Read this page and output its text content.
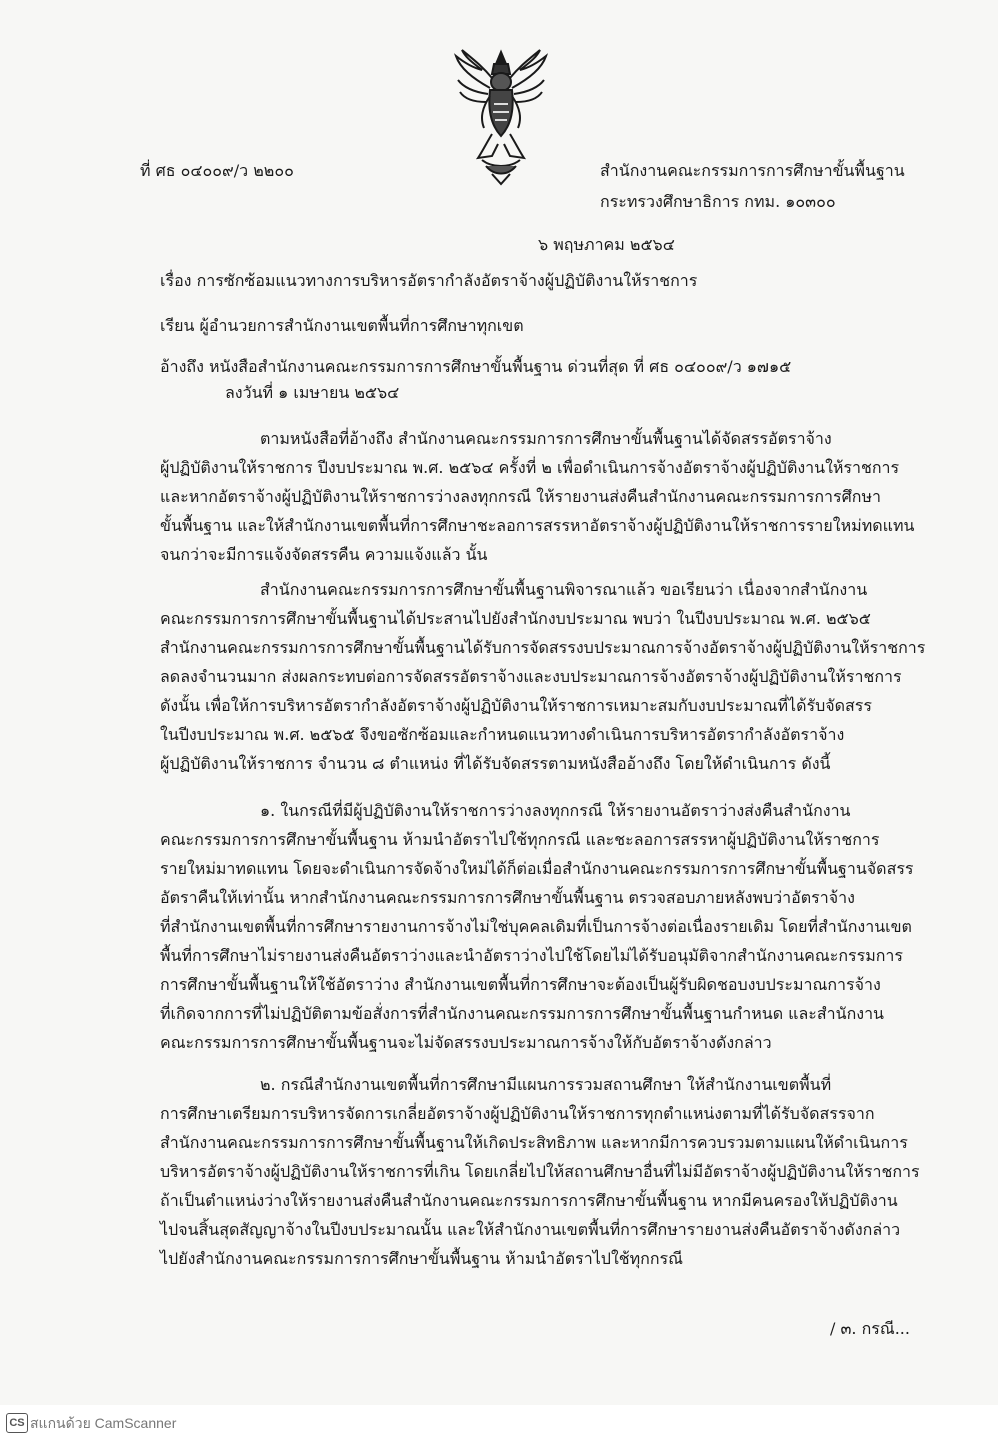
ที่ ศธ ๐๔๐๐๙/ว ๒๒๐๐	สำนักงานคณะกรรมการการศึกษาขั้นพื้นฐาน
กระทรวงศึกษาธิการ กทม. ๑๐๓๐๐
๖ พฤษภาคม ๒๕๖๔
เรื่อง การซักซ้อมแนวทางการบริหารอัตรากำลังอัตราจ้างผู้ปฏิบัติงานให้ราชการ
เรียน ผู้อำนวยการสำนักงานเขตพื้นที่การศึกษาทุกเขต
อ้างถึง หนังสือสำนักงานคณะกรรมการการศึกษาขั้นพื้นฐาน ด่วนที่สุด ที่ ศธ ๐๔๐๐๙/ว ๑๗๑๕
ลงวันที่ ๑ เมษายน ๒๕๖๔
ตามหนังสือที่อ้างถึง สำนักงานคณะกรรมการการศึกษาขั้นพื้นฐานได้จัดสรรอัตราจ้าง
ผู้ปฏิบัติงานให้ราชการ ปีงบประมาณ พ.ศ. ๒๕๖๔ ครั้งที่ ๒ เพื่อดำเนินการจ้างอัตราจ้างผู้ปฏิบัติงานให้ราชการ
และหากอัตราจ้างผู้ปฏิบัติงานให้ราชการว่างลงทุกกรณี ให้รายงานส่งคืนสำนักงานคณะกรรมการการศึกษา
ขั้นพื้นฐาน และให้สำนักงานเขตพื้นที่การศึกษาชะลอการสรรหาอัตราจ้างผู้ปฏิบัติงานให้ราชการรายใหม่ทดแทน
จนกว่าจะมีการแจ้งจัดสรรคืน ความแจ้งแล้ว นั้น
สำนักงานคณะกรรมการการศึกษาขั้นพื้นฐานพิจารณาแล้ว ขอเรียนว่า เนื่องจากสำนักงาน
คณะกรรมการการศึกษาขั้นพื้นฐานได้ประสานไปยังสำนักงบประมาณ พบว่า ในปีงบประมาณ พ.ศ. ๒๕๖๕
สำนักงานคณะกรรมการการศึกษาขั้นพื้นฐานได้รับการจัดสรรงบประมาณการจ้างอัตราจ้างผู้ปฏิบัติงานให้ราชการ
ลดลงจำนวนมาก ส่งผลกระทบต่อการจัดสรรอัตราจ้างและงบประมาณการจ้างอัตราจ้างผู้ปฏิบัติงานให้ราชการ
ดังนั้น เพื่อให้การบริหารอัตรากำลังอัตราจ้างผู้ปฏิบัติงานให้ราชการเหมาะสมกับงบประมาณที่ได้รับจัดสรร
ในปีงบประมาณ พ.ศ. ๒๕๖๕ จึงขอซักซ้อมและกำหนดแนวทางดำเนินการบริหารอัตรากำลังอัตราจ้าง
ผู้ปฏิบัติงานให้ราชการ จำนวน ๘ ตำแหน่ง ที่ได้รับจัดสรรตามหนังสืออ้างถึง โดยให้ดำเนินการ ดังนี้
๑. ในกรณีที่มีผู้ปฏิบัติงานให้ราชการว่างลงทุกกรณี ให้รายงานอัตราว่างส่งคืนสำนักงาน
คณะกรรมการการศึกษาขั้นพื้นฐาน ห้ามนำอัตราไปใช้ทุกกรณี และชะลอการสรรหาผู้ปฏิบัติงานให้ราชการ
รายใหม่มาทดแทน โดยจะดำเนินการจัดจ้างใหม่ได้ก็ต่อเมื่อสำนักงานคณะกรรมการการศึกษาขั้นพื้นฐานจัดสรร
อัตราคืนให้เท่านั้น หากสำนักงานคณะกรรมการการศึกษาขั้นพื้นฐาน ตรวจสอบภายหลังพบว่าอัตราจ้าง
ที่สำนักงานเขตพื้นที่การศึกษารายงานการจ้างไม่ใช่บุคคลเดิมที่เป็นการจ้างต่อเนื่องรายเดิม โดยที่สำนักงานเขต
พื้นที่การศึกษาไม่รายงานส่งคืนอัตราว่างและนำอัตราว่างไปใช้โดยไม่ได้รับอนุมัติจากสำนักงานคณะกรรมการ
การศึกษาขั้นพื้นฐานให้ใช้อัตราว่าง สำนักงานเขตพื้นที่การศึกษาจะต้องเป็นผู้รับผิดชอบงบประมาณการจ้าง
ที่เกิดจากการที่ไม่ปฏิบัติตามข้อสั่งการที่สำนักงานคณะกรรมการการศึกษาขั้นพื้นฐานกำหนด และสำนักงาน
คณะกรรมการการศึกษาขั้นพื้นฐานจะไม่จัดสรรงบประมาณการจ้างให้กับอัตราจ้างดังกล่าว
๒. กรณีสำนักงานเขตพื้นที่การศึกษามีแผนการรวมสถานศึกษา ให้สำนักงานเขตพื้นที่
การศึกษาเตรียมการบริหารจัดการเกลี่ยอัตราจ้างผู้ปฏิบัติงานให้ราชการทุกตำแหน่งตามที่ได้รับจัดสรรจาก
สำนักงานคณะกรรมการการศึกษาขั้นพื้นฐานให้เกิดประสิทธิภาพ และหากมีการควบรวมตามแผนให้ดำเนินการ
บริหารอัตราจ้างผู้ปฏิบัติงานให้ราชการที่เกิน โดยเกลี่ยไปให้สถานศึกษาอื่นที่ไม่มีอัตราจ้างผู้ปฏิบัติงานให้ราชการ
ถ้าเป็นตำแหน่งว่างให้รายงานส่งคืนสำนักงานคณะกรรมการการศึกษาขั้นพื้นฐาน หากมีคนครองให้ปฏิบัติงาน
ไปจนสิ้นสุดสัญญาจ้างในปีงบประมาณนั้น และให้สำนักงานเขตพื้นที่การศึกษารายงานส่งคืนอัตราจ้างดังกล่าว
ไปยังสำนักงานคณะกรรมการการศึกษาขั้นพื้นฐาน ห้ามนำอัตราไปใช้ทุกกรณี
/ ๓. กรณี...
CS สแกนด้วย CamScanner
